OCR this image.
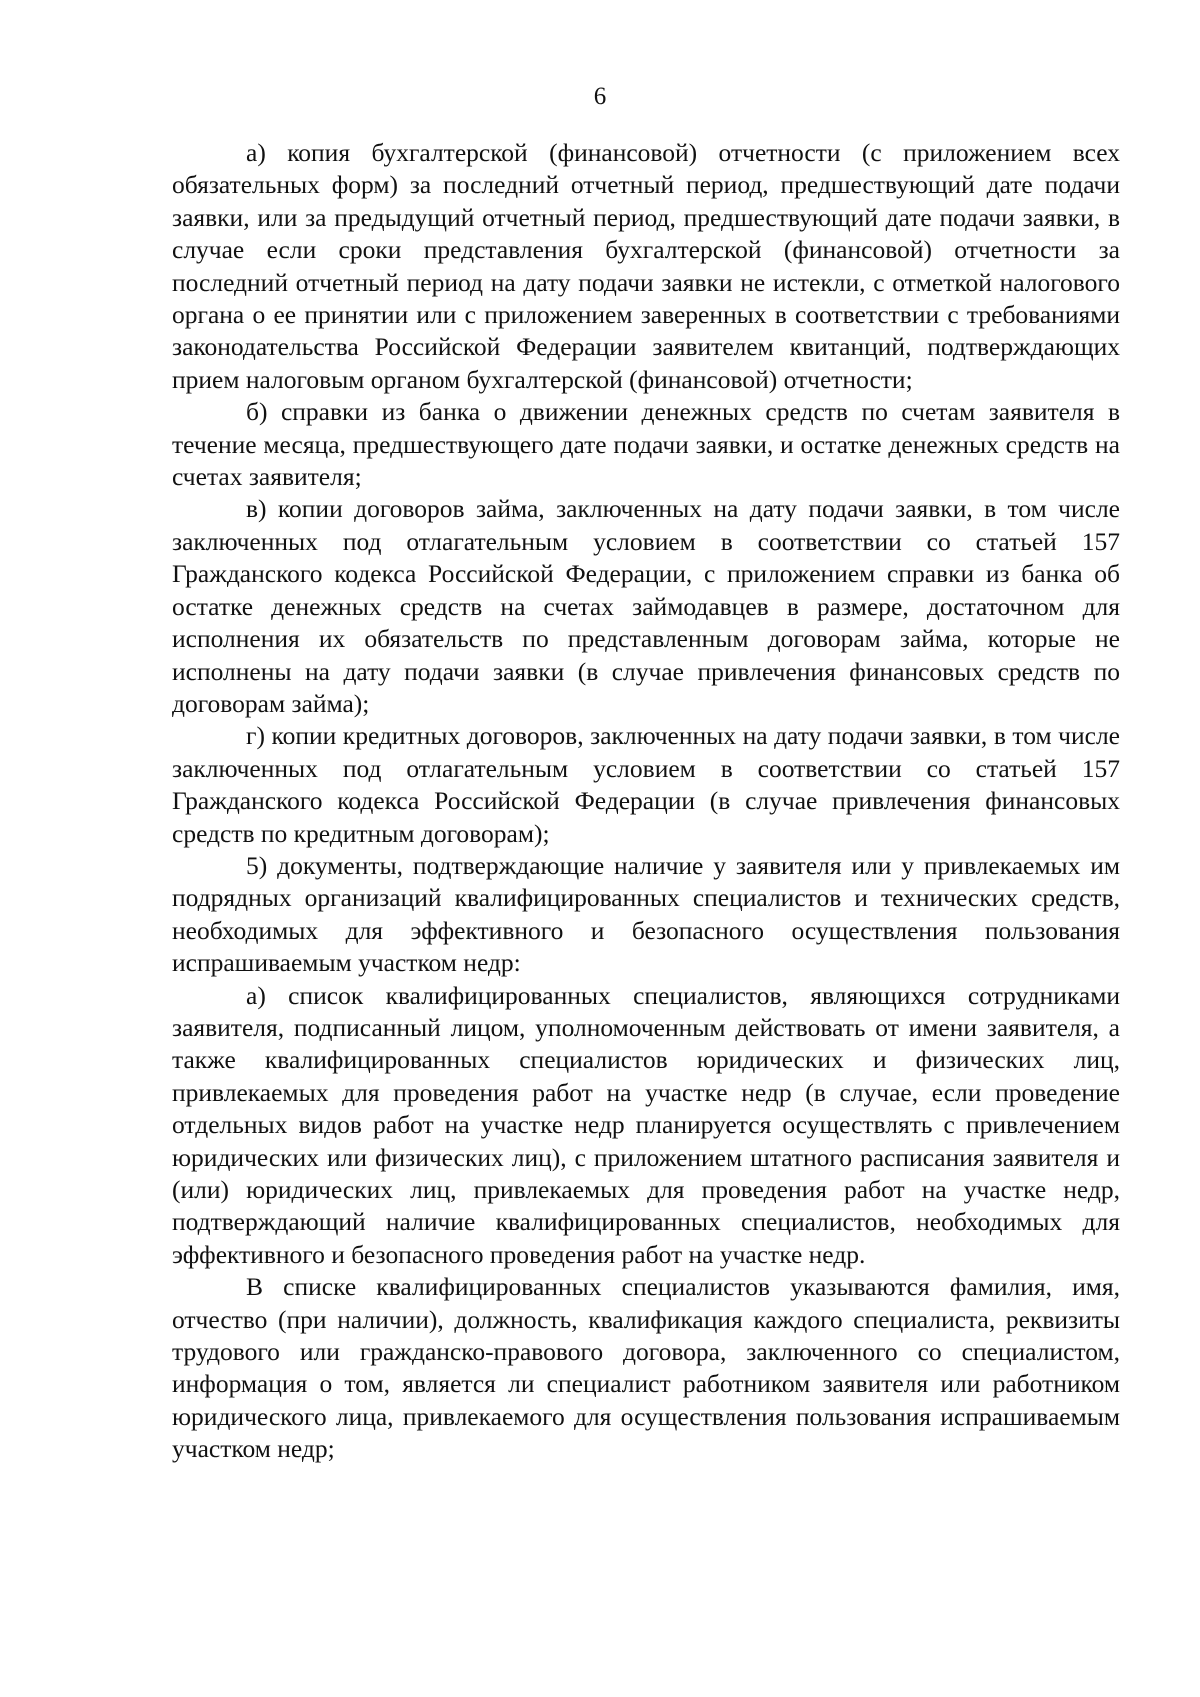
6

а) копия бухгалтерской (финансовой) отчетности (с приложением всех обязательных форм) за последний отчетный период, предшествующий дате подачи заявки, или за предыдущий отчетный период, предшествующий дате подачи заявки, в случае если сроки представления бухгалтерской (финансовой) отчетности за последний отчетный период на дату подачи заявки не истекли, с отметкой налогового органа о ее принятии или с приложением заверенных в соответствии с требованиями законодательства Российской Федерации заявителем квитанций, подтверждающих прием налоговым органом бухгалтерской (финансовой) отчетности;

б) справки из банка о движении денежных средств по счетам заявителя в течение месяца, предшествующего дате подачи заявки, и остатке денежных средств на счетах заявителя;

в) копии договоров займа, заключенных на дату подачи заявки, в том числе заключенных под отлагательным условием в соответствии со статьей 157 Гражданского кодекса Российской Федерации, с приложением справки из банка об остатке денежных средств на счетах займодавцев в размере, достаточном для исполнения их обязательств по представленным договорам займа, которые не исполнены на дату подачи заявки (в случае привлечения финансовых средств по договорам займа);

г) копии кредитных договоров, заключенных на дату подачи заявки, в том числе заключенных под отлагательным условием в соответствии со статьей 157 Гражданского кодекса Российской Федерации (в случае привлечения финансовых средств по кредитным договорам);

5) документы, подтверждающие наличие у заявителя или у привлекаемых им подрядных организаций квалифицированных специалистов и технических средств, необходимых для эффективного и безопасного осуществления пользования испрашиваемым участком недр:

а) список квалифицированных специалистов, являющихся сотрудниками заявителя, подписанный лицом, уполномоченным действовать от имени заявителя, а также квалифицированных специалистов юридических и физических лиц, привлекаемых для проведения работ на участке недр (в случае, если проведение отдельных видов работ на участке недр планируется осуществлять с привлечением юридических или физических лиц), с приложением штатного расписания заявителя и (или) юридических лиц, привлекаемых для проведения работ на участке недр, подтверждающий наличие квалифицированных специалистов, необходимых для эффективного и безопасного проведения работ на участке недр.

В списке квалифицированных специалистов указываются фамилия, имя, отчество (при наличии), должность, квалификация каждого специалиста, реквизиты трудового или гражданско-правового договора, заключенного со специалистом, информация о том, является ли специалист работником заявителя или работником юридического лица, привлекаемого для осуществления пользования испрашиваемым участком недр;
